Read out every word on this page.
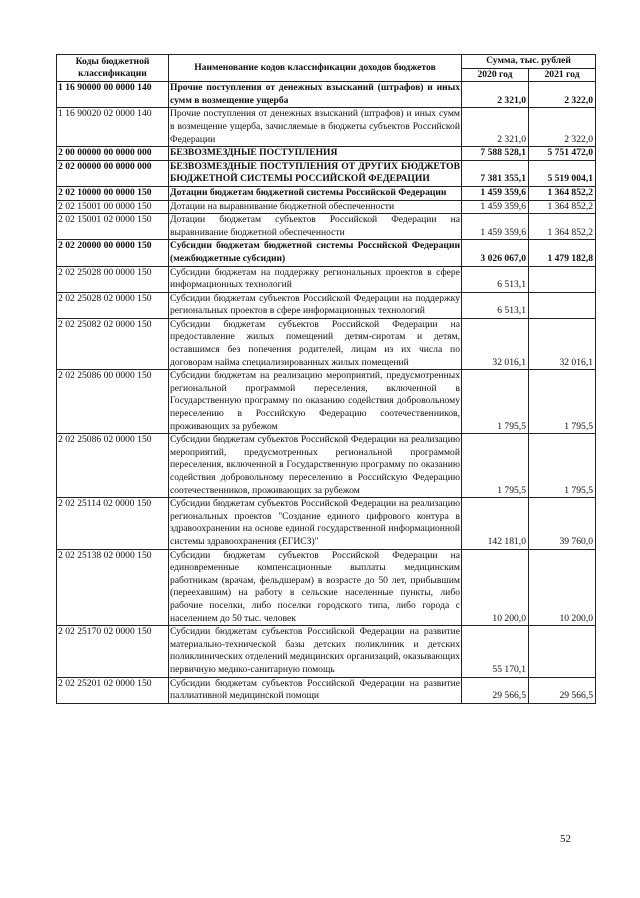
Коды бюджетной классификации	Наименование кодов классификации доходов бюджетов	Сумма, тыс. рублей	
		2020 год	2021 год
1 16 90000 00 0000 140	Прочие поступления от денежных взысканий (штрафов) и иных сумм в возмещение ущерба	2 321,0	2 322,0
1 16 90020 02 0000 140	Прочие поступления от денежных взысканий (штрафов) и иных сумм в возмещение ущерба, зачисляемые в бюджеты субъектов Российской Федерации	2 321,0	2 322,0
2 00 00000 00 0000 000	БЕЗВОЗМЕЗДНЫЕ ПОСТУПЛЕНИЯ	7 588 528,1	5 751 472,0
2 02 00000 00 0000 000	БЕЗВОЗМЕЗДНЫЕ ПОСТУПЛЕНИЯ ОТ ДРУГИХ БЮДЖЕТОВ БЮДЖЕТНОЙ СИСТЕМЫ РОССИЙСКОЙ ФЕДЕРАЦИИ	7 381 355,1	5 519 004,1
2 02 10000 00 0000 150	Дотации бюджетам бюджетной системы Российской Федерации	1 459 359,6	1 364 852,2
2 02 15001 00 0000 150	Дотации на выравнивание бюджетной обеспеченности	1 459 359,6	1 364 852,2
2 02 15001 02 0000 150	Дотации бюджетам субъектов Российской Федерации на выравнивание бюджетной обеспеченности	1 459 359,6	1 364 852,2
2 02 20000 00 0000 150	Субсидии бюджетам бюджетной системы Российской Федерации (межбюджетные субсидии)	3 026 067,0	1 479 182,8
2 02 25028 00 0000 150	Субсидии бюджетам на поддержку региональных проектов в сфере информационных технологий	6 513,1	
2 02 25028 02 0000 150	Субсидии бюджетам субъектов Российской Федерации на поддержку региональных проектов в сфере информационных технологий	6 513,1	
2 02 25082 02 0000 150	Субсидии бюджетам субъектов Российской Федерации на предоставление жилых помещений детям-сиротам и детям, оставшимся без попечения родителей, лицам из их числа по договорам найма специализированных жилых помещений	32 016,1	32 016,1
2 02 25086 00 0000 150	Субсидии бюджетам на реализацию мероприятий, предусмотренных региональной программой переселения, включенной в Государственную программу по оказанию содействия добровольному переселению в Российскую Федерацию соотечественников, проживающих за рубежом	1 795,5	1 795,5
2 02 25086 02 0000 150	Субсидии бюджетам субъектов Российской Федерации на реализацию мероприятий, предусмотренных региональной программой переселения, включенной в Государственную программу по оказанию содействия добровольному переселению в Российскую Федерацию соотечественников, проживающих за рубежом	1 795,5	1 795,5
2 02 25114 02 0000 150	Субсидии бюджетам субъектов Российской Федерации на реализацию региональных проектов "Создание единого цифрового контура в здравоохранении на основе единой государственной информационной системы здравоохранения (ЕГИСЗ)"	142 181,0	39 760,0
2 02 25138 02 0000 150	Субсидии бюджетам субъектов Российской Федерации на единовременные компенсационные выплаты медицинским работникам (врачам, фельдшерам) в возрасте до 50 лет, прибывшим (переехавшим) на работу в сельские населенные пункты, либо рабочие поселки, либо поселки городского типа, либо города с населением до 50 тыс. человек	10 200,0	10 200,0
2 02 25170 02 0000 150	Субсидии бюджетам субъектов Российской Федерации на развитие материально-технической базы детских поликлиник и детских поликлинических отделений медицинских организаций, оказывающих первичную медико-санитарную помощь	55 170,1	
2 02 25201 02 0000 150	Субсидии бюджетам субъектов Российской Федерации на развитие паллиативной медицинской помощи	29 566,5	29 566,5
52
